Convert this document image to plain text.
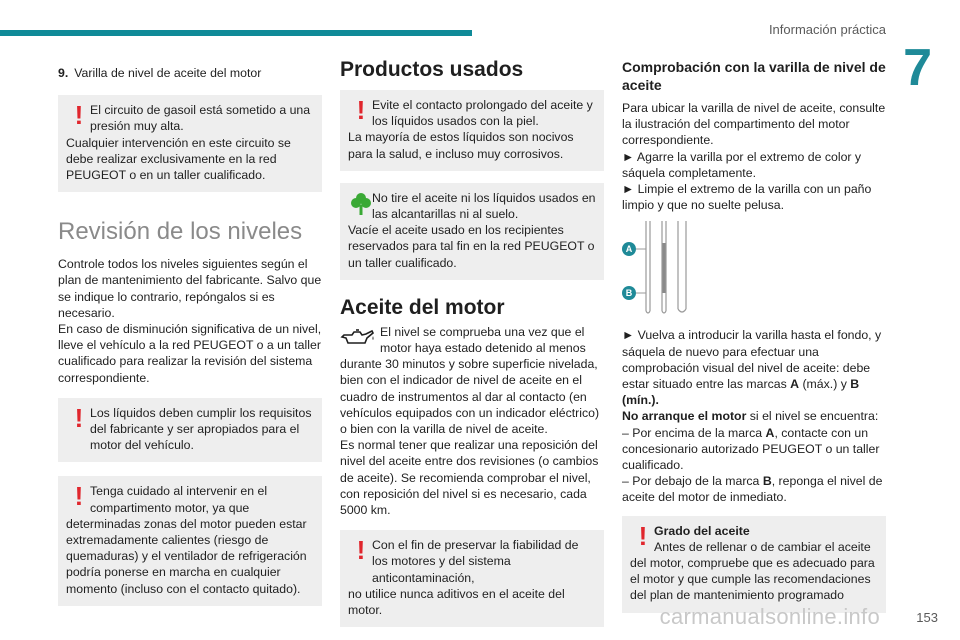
Información práctica
7
9. Varilla de nivel de aceite del motor
! El circuito de gasoil está sometido a una presión muy alta.

Cualquier intervención en este circuito se debe realizar exclusivamente en la red PEUGEOT o en un taller cualificado.

Revisión de los niveles

Controle todos los niveles siguientes según el plan de mantenimiento del fabricante. Salvo que se indique lo contrario, repóngalos si es necesario.

En caso de disminución significativa de un nivel, lleve el vehículo a la red PEUGEOT o a un taller cualificado para realizar la revisión del sistema correspondiente.

! Los líquidos deben cumplir los requisitos del fabricante y ser apropiados para el motor del vehículo.

! Tenga cuidado al intervenir en el compartimento motor, ya que

determinadas zonas del motor pueden estar extremadamente calientes (riesgo de quemaduras) y el ventilador de refrigeración podría ponerse en marcha en cualquier momento (incluso con el contacto quitado).

Productos usados
! Evite el contacto prolongado del aceite y los líquidos usados con la piel.

La mayoría de estos líquidos son nocivos para la salud, e incluso muy corrosivos.

No tire el aceite ni los líquidos usados en las alcantarillas ni al suelo.

Vacíe el aceite usado en los recipientes reservados para tal fin en la red PEUGEOT o un taller cualificado.

Aceite del motor

El nivel se comprueba una vez que el motor haya estado detenido al menos durante 30 minutos y sobre superficie nivelada, bien con el indicador de nivel de aceite en el cuadro de instrumentos al dar al contacto (en vehículos equipados con un indicador eléctrico) o bien con la varilla de nivel de aceite.

Es normal tener que realizar una reposición del nivel del aceite entre dos revisiones (o cambios de aceite). Se recomienda comprobar el nivel, con reposición del nivel si es necesario, cada 5000 km.

! Con el fin de preservar la fiabilidad de los motores y del sistema anticontaminación,

no utilice nunca aditivos en el aceite del motor.

Comprobación con la varilla de nivel de aceite

Para ubicar la varilla de nivel de aceite, consulte la ilustración del compartimento del motor correspondiente.

► Agarre la varilla por el extremo de color y sáquela completamente.

► Limpie el extremo de la varilla con un paño limpio y que no suelte pelusa.

A
B

► Vuelva a introducir la varilla hasta el fondo, y sáquela de nuevo para efectuar una comprobación visual del nivel de aceite: debe estar situado entre las marcas A (máx.) y B (mín.).

No arranque el motor si el nivel se encuentra:

– Por encima de la marca A, contacte con un concesionario autorizado PEUGEOT o un taller cualificado.

– Por debajo de la marca B, reponga el nivel de aceite del motor de inmediato.

! Grado del aceite

Antes de rellenar o de cambiar el aceite

del motor, compruebe que es adecuado para el motor y que cumple las recomendaciones del plan de mantenimiento programado

carmanualsonline.info	153
